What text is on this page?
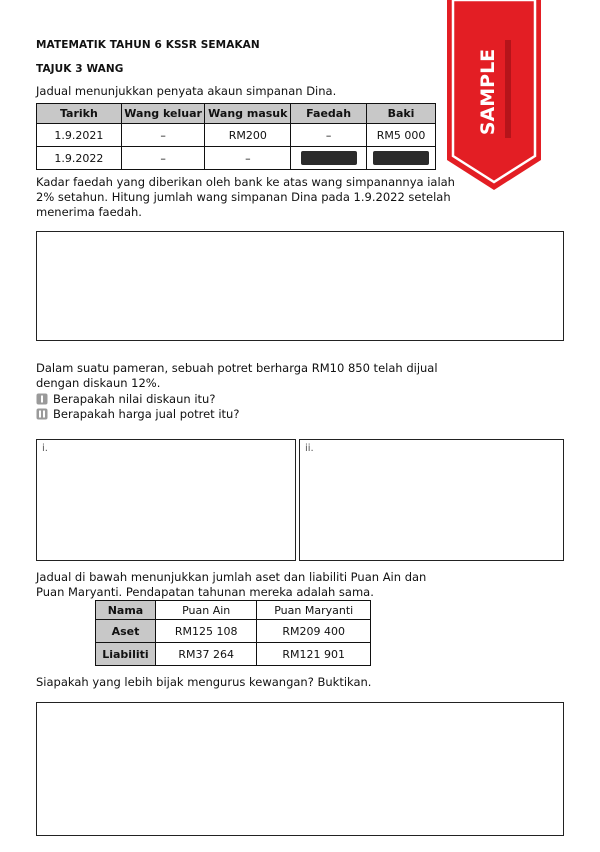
SAMPLE
MATEMATIK TAHUN 6 KSSR SEMAKAN
TAJUK 3 WANG
Jadual menunjukkan penyata akaun simpanan Dina.
Tarikh	Wang keluar	Wang masuk	Faedah	Baki
1.9.2021	–	RM200	–	RM5 000
1.9.2022	–	–		
Kadar faedah yang diberikan oleh bank ke atas wang simpanannya ialah
2% setahun. Hitung jumlah wang simpanan Dina pada 1.9.2022 setelah
menerima faedah.
Dalam suatu pameran, sebuah potret berharga RM10 850 telah dijual
dengan diskaun 12%.
Berapakah nilai diskaun itu?
Berapakah harga jual potret itu?
i.	ii.
Jadual di bawah menunjukkan jumlah aset dan liabiliti Puan Ain dan
Puan Maryanti. Pendapatan tahunan mereka adalah sama.
Nama	Puan Ain	Puan Maryanti
Aset	RM125 108	RM209 400
Liabiliti	RM37 264	RM121 901
Siapakah yang lebih bijak mengurus kewangan? Buktikan.
